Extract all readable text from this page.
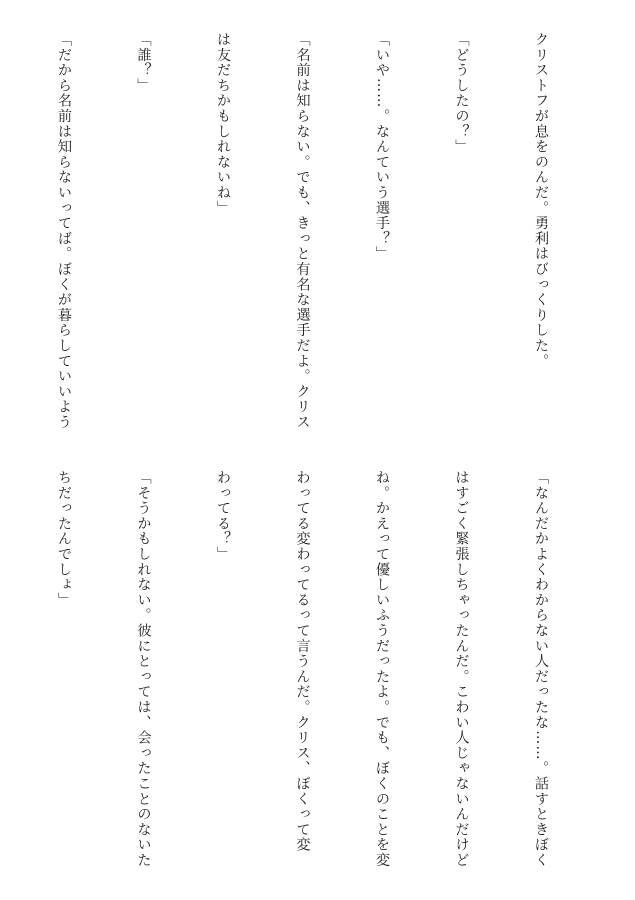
クリストフが息をのんだ。勇利はびっくりした。

「どうしたの？」

「いや……。なんていう選手？」

「名前は知らない。でも、きっと有名な選手だよ。クリス

は友だちかもしれないね」

「誰？」

「だから名前は知らないってば。ぼくが暮らしていいよう

「なんだかよくわからない人だったな……。話すときぼく

はすごく緊張しちゃったんだ。こわい人じゃないんだけど

ね。かえって優しいふうだったよ。でも、ぼくのことを変

わってる変わってるって言うんだ。クリス、ぼくって変

わってる？」

「そうかもしれない。彼にとっては、会ったことのないた

ちだったんでしょ」
